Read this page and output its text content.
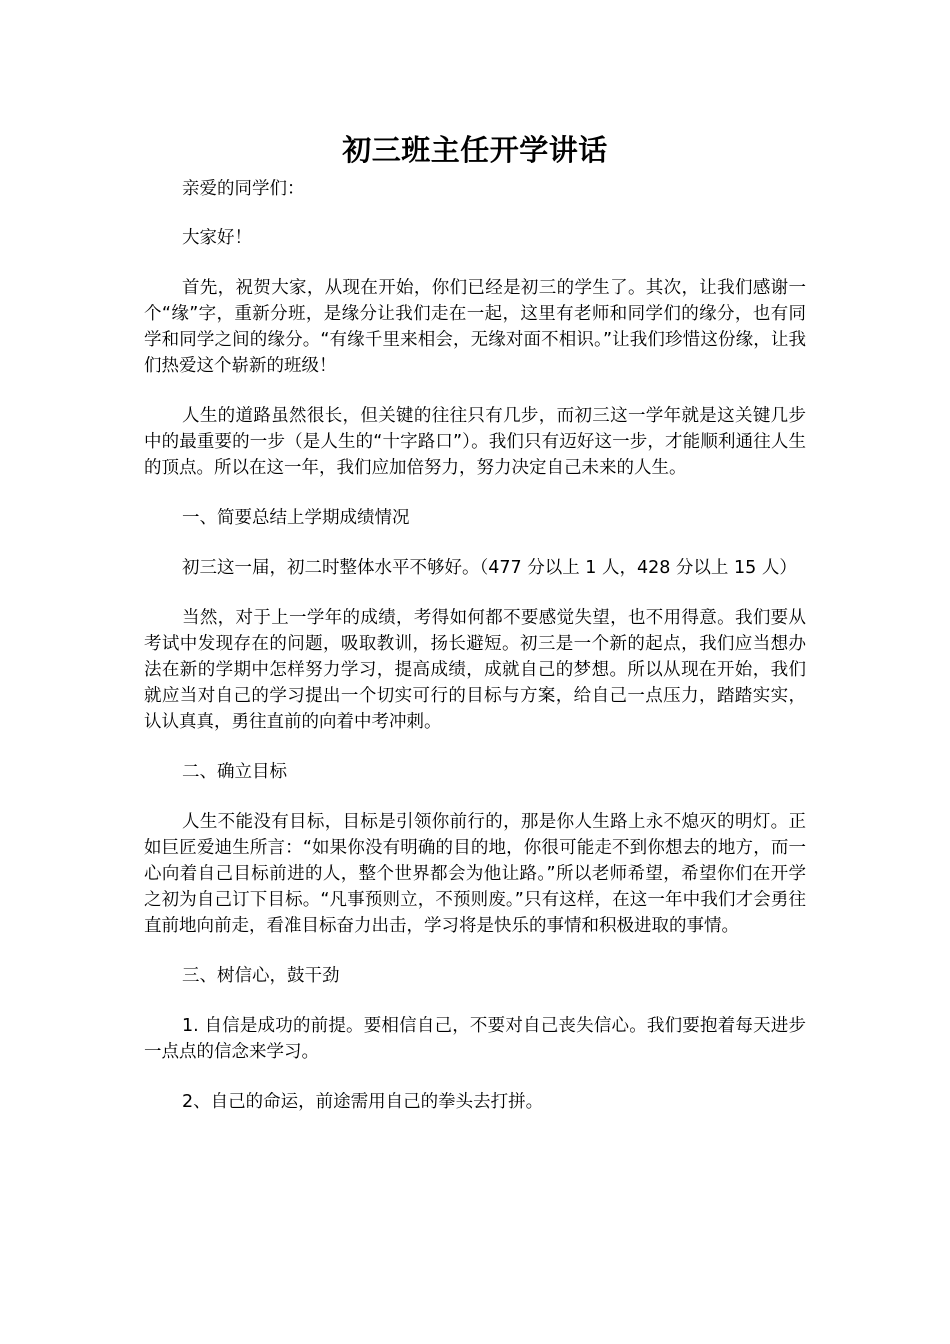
初三班主任开学讲话

亲爱的同学们：

大家好！

首先，祝贺大家，从现在开始，你们已经是初三的学生了。其次，让我们感谢一个“缘”字，重新分班，是缘分让我们走在一起，这里有老师和同学们的缘分，也有同学和同学之间的缘分。“有缘千里来相会，无缘对面不相识。”让我们珍惜这份缘，让我们热爱这个崭新的班级！

人生的道路虽然很长，但关键的往往只有几步，而初三这一学年就是这关键几步中的最重要的一步（是人生的“十字路口”）。我们只有迈好这一步，才能顺利通往人生的顶点。所以在这一年，我们应加倍努力，努力决定自己未来的人生。

一、简要总结上学期成绩情况

初三这一届，初二时整体水平不够好。（477 分以上 1 人，428 分以上 15 人）

当然，对于上一学年的成绩，考得如何都不要感觉失望，也不用得意。我们要从考试中发现存在的问题，吸取教训，扬长避短。初三是一个新的起点，我们应当想办法在新的学期中怎样努力学习，提高成绩，成就自己的梦想。所以从现在开始，我们就应当对自己的学习提出一个切实可行的目标与方案，给自己一点压力，踏踏实实，认认真真，勇往直前的向着中考冲刺。

二、确立目标

人生不能没有目标，目标是引领你前行的，那是你人生路上永不熄灭的明灯。正如巨匠爱迪生所言：“如果你没有明确的目的地，你很可能走不到你想去的地方，而一心向着自己目标前进的人，整个世界都会为他让路。”所以老师希望，希望你们在开学之初为自己订下目标。“凡事预则立，不预则废。”只有这样，在这一年中我们才会勇往直前地向前走，看准目标奋力出击，学习将是快乐的事情和积极进取的事情。

三、树信心，鼓干劲

1. 自信是成功的前提。要相信自己，不要对自己丧失信心。我们要抱着每天进步一点点的信念来学习。

2、自己的命运，前途需用自己的拳头去打拼。
